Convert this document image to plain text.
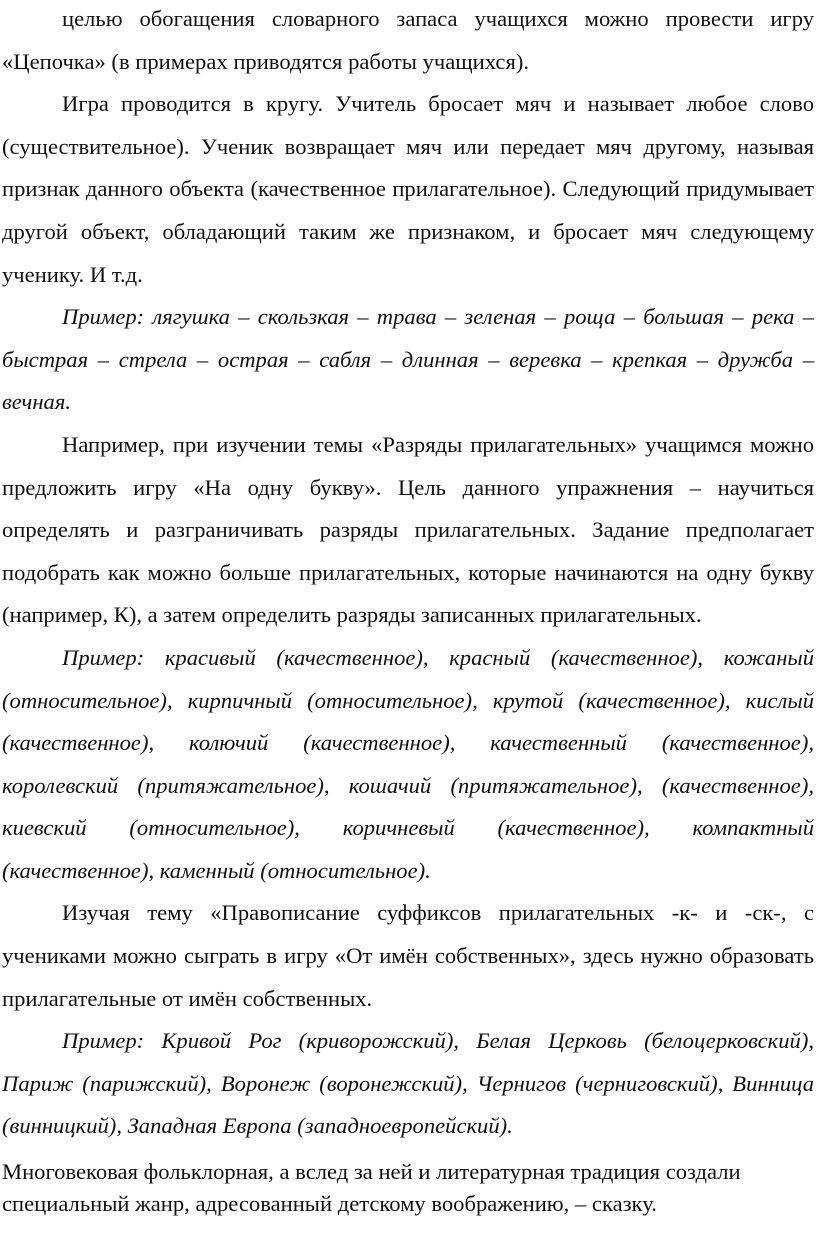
целью обогащения словарного запаса учащихся можно провести игру «Цепочка» (в примерах приводятся работы учащихся).

Игра проводится в кругу. Учитель бросает мяч и называет любое слово (существительное). Ученик возвращает мяч или передает мяч другому, называя признак данного объекта (качественное прилагательное). Следующий придумывает другой объект, обладающий таким же признаком, и бросает мяч следующему ученику. И т.д.

Пример: лягушка – скользкая – трава – зеленая – роща – большая – река – быстрая – стрела – острая – сабля – длинная – веревка – крепкая – дружба – вечная.

Например, при изучении темы «Разряды прилагательных» учащимся можно предложить игру «На одну букву». Цель данного упражнения – научиться определять и разграничивать разряды прилагательных. Задание предполагает подобрать как можно больше прилагательных, которые начинаются на одну букву (например, К), а затем определить разряды записанных прилагательных.

Пример: красивый (качественное), красный (качественное), кожаный (относительное), кирпичный (относительное), крутой (качественное), кислый (качественное), колючий (качественное), качественный (качественное), королевский (притяжательное), кошачий (притяжательное), (качественное), киевский (относительное), коричневый (качественное), компактный (качественное), каменный (относительное).

Изучая тему «Правописание суффиксов прилагательных -к- и -ск-, с учениками можно сыграть в игру «От имён собственных», здесь нужно образовать прилагательные от имён собственных.

Пример: Кривой Рог (криворожский), Белая Церковь (белоцерковский), Париж (парижский), Воронеж (воронежский), Чернигов (черниговский), Винница (винницкий), Западная Европа (западноевропейский).

Многовековая фольклорная, а вслед за ней и литературная традиция создали специальный жанр, адресованный детскому воображению, – сказку.
